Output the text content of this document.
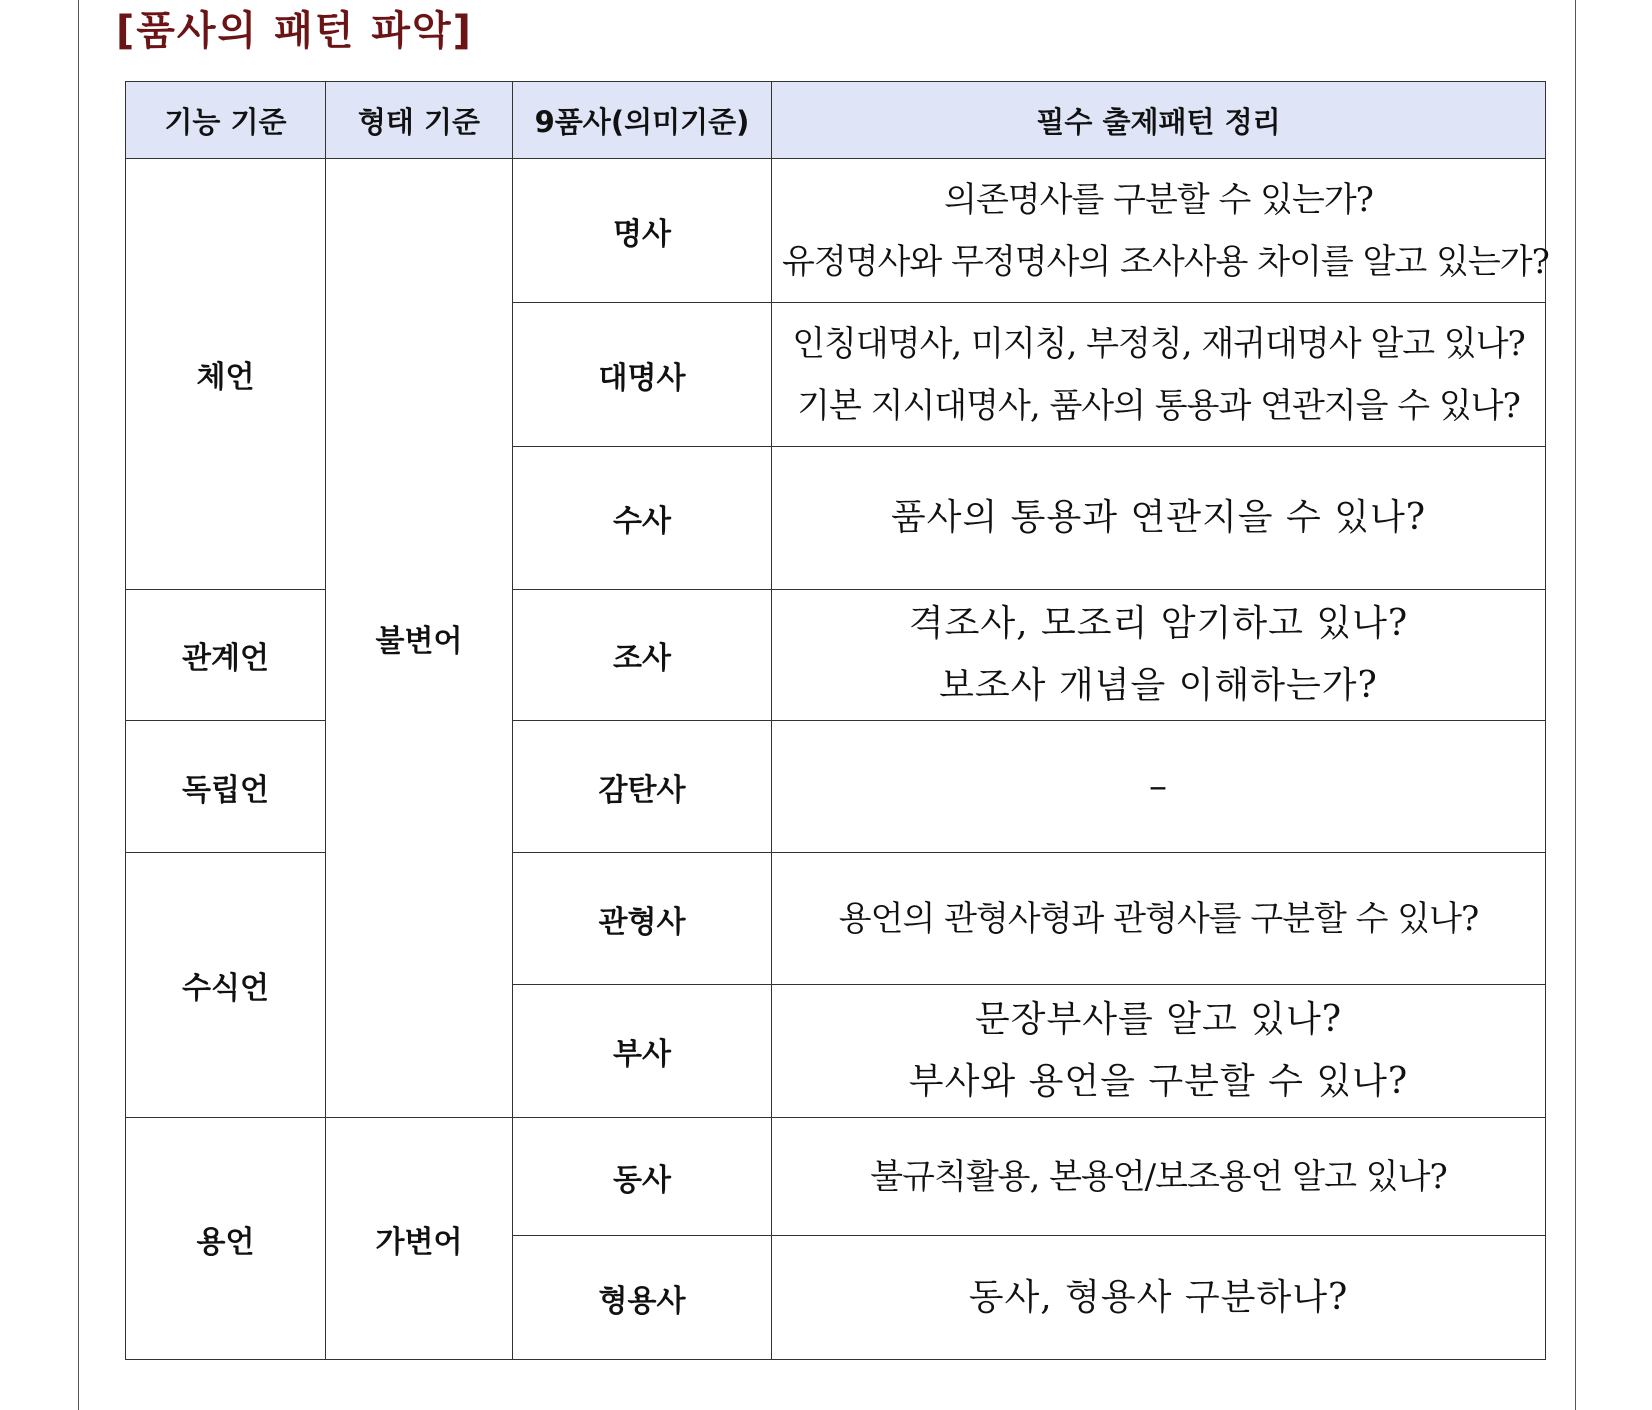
[품사의 패턴 파악]
기능 기준	형태 기준	9품사(의미기준)	필수 출제패턴 정리
체언	불변어	명사	의존명사를 구분할 수 있는가?
유정명사와 무정명사의 조사사용 차이를 알고 있는가?

		대명사	인칭대명사, 미지칭, 부정칭, 재귀대명사 알고 있나?
기본 지시대명사, 품사의 통용과 연관지을 수 있나?

		수사	품사의 통용과 연관지을 수 있나?

관계언		조사	격조사, 모조리 암기하고 있나?
보조사 개념을 이해하는가?

독립언		감탄사	–

수식언		관형사	용언의 관형사형과 관형사를 구분할 수 있나?

		부사	문장부사를 알고 있나?
부사와 용언을 구분할 수 있나?

용언	가변어	동사	불규칙활용, 본용언/보조용언 알고 있나?

		형용사	동사, 형용사 구분하나?
